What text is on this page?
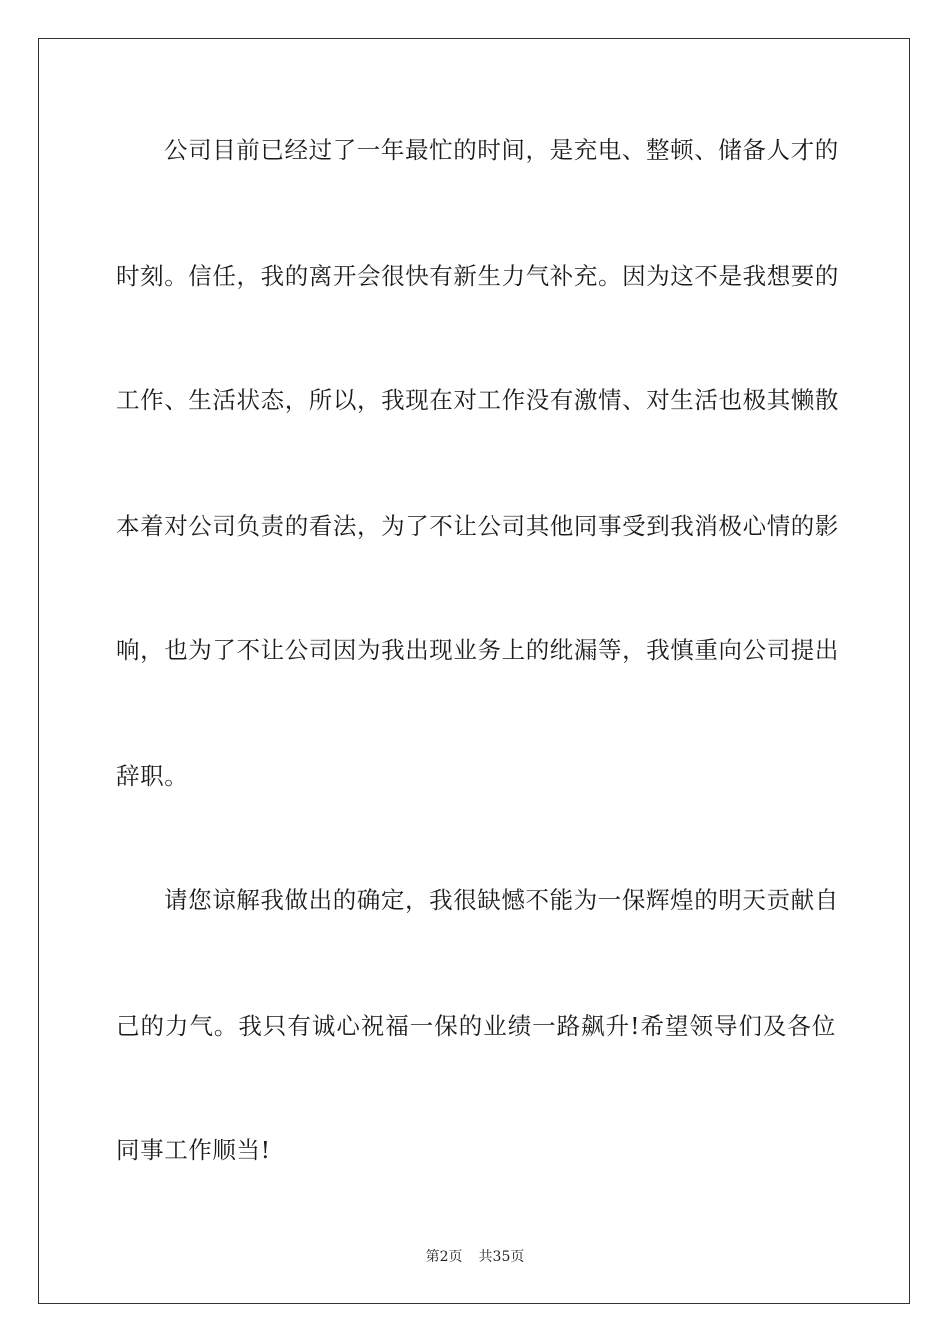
公司目前已经过了一年最忙的时间，是充电、整顿、储备人才的
时刻。信任，我的离开会很快有新生力气补充。因为这不是我想要的
工作、生活状态，所以，我现在对工作没有激情、对生活也极其懒散
本着对公司负责的看法，为了不让公司其他同事受到我消极心情的影
响，也为了不让公司因为我出现业务上的纰漏等，我慎重向公司提出
辞职。
请您谅解我做出的确定，我很缺憾不能为一保辉煌的明天贡献自
己的力气。我只有诚心祝福一保的业绩一路飙升!希望领导们及各位
同事工作顺当!
第2页 共35页
